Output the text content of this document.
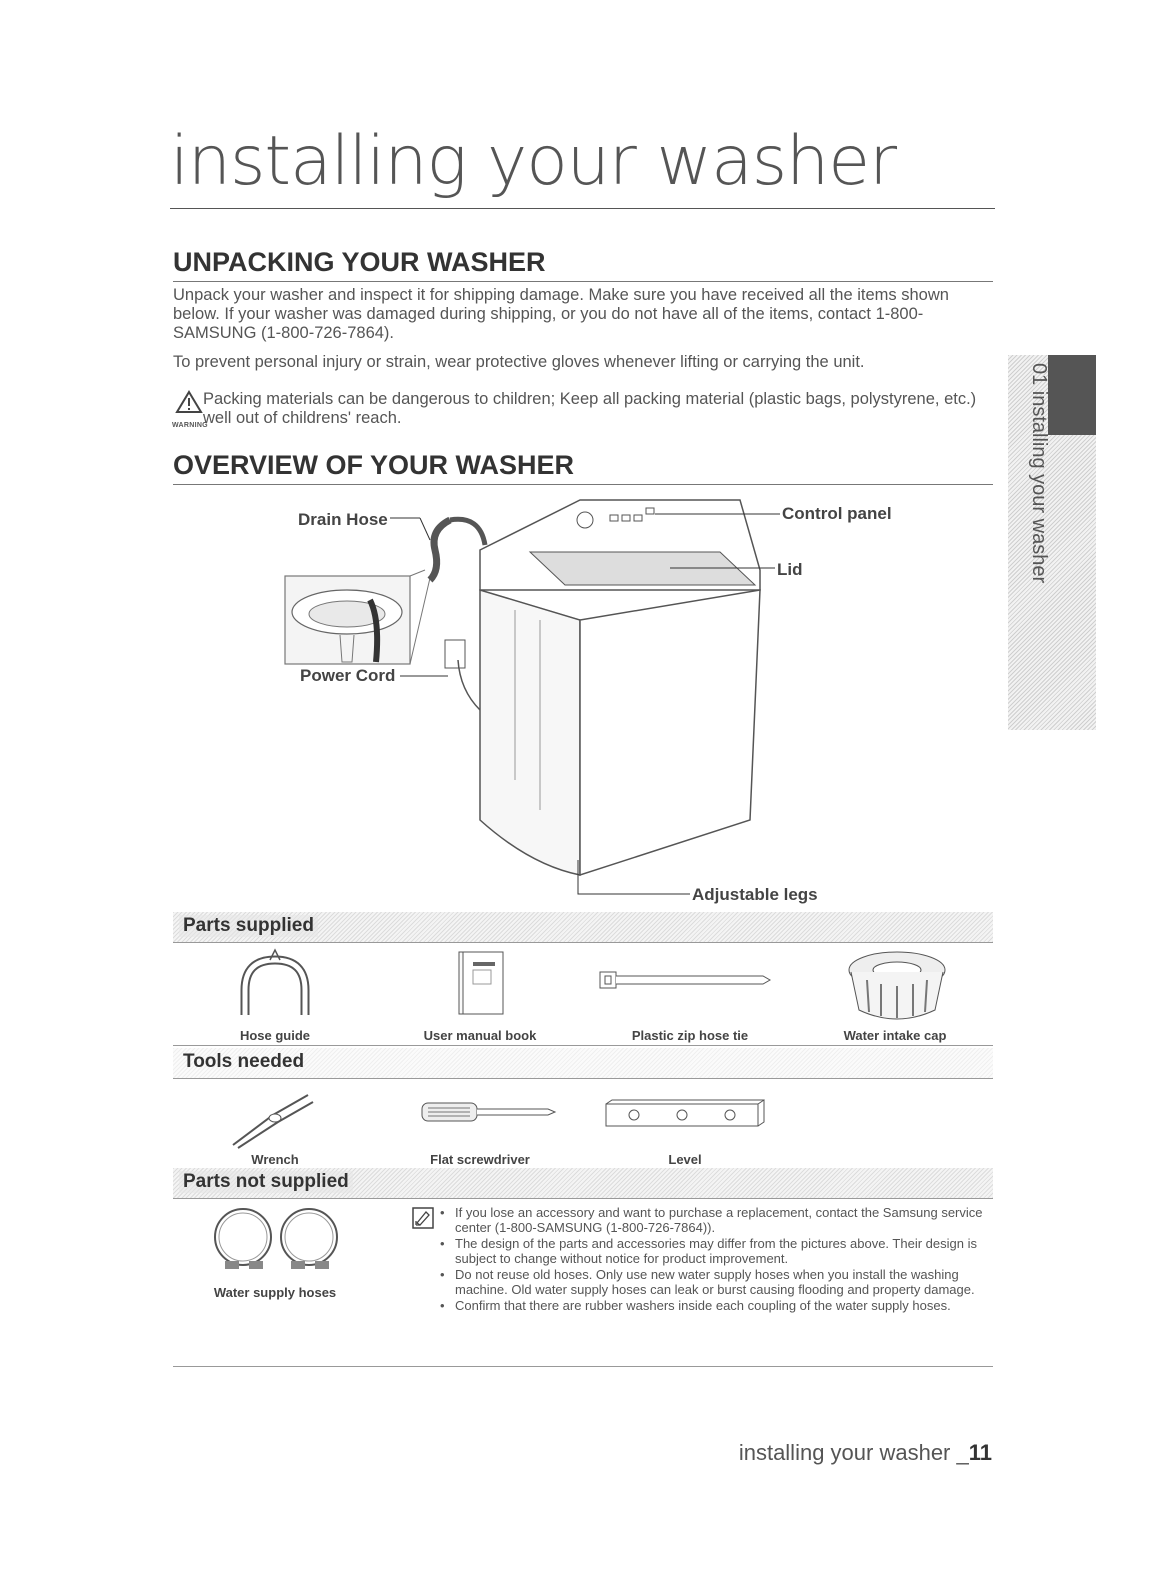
01 installing your washer
installing your washer
UNPACKING YOUR WASHER

Unpack your washer and inspect it for shipping damage. Make sure you have received all the items shown below. If your washer was damaged during shipping, or you do not have all of the items, contact 1-800-SAMSUNG (1-800-726-7864).

To prevent personal injury or strain, wear protective gloves whenever lifting or carrying the unit.

WARNING
Packing materials can be dangerous to children; Keep all packing material (plastic bags, polystyrene, etc.) well out of childrens' reach.
OVERVIEW OF YOUR WASHER
Drain Hose
Power Cord
Control panel
Lid
Adjustable legs
Parts supplied
Hose guide	User manual book	Plastic zip hose tie	Water intake cap
Tools needed
Wrench	Flat screwdriver	Level
Parts not supplied
Water supply hoses
• If you lose an accessory and want to purchase a replacement, contact the Samsung service center (1-800-SAMSUNG (1-800-726-7864)).
• The design of the parts and accessories may differ from the pictures above. Their design is subject to change without notice for product improvement.
• Do not reuse old hoses. Only use new water supply hoses when you install the washing machine. Old water supply hoses can leak or burst causing flooding and property damage.
• Confirm that there are rubber washers inside each coupling of the water supply hoses.
installing your washer _11
